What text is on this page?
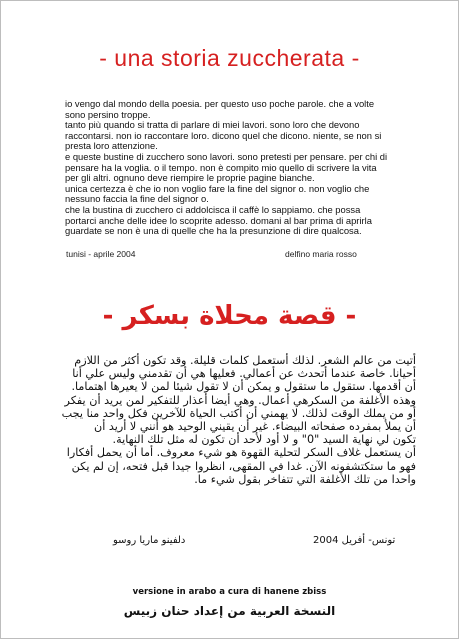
- una storia zuccherata -
io vengo dal mondo della poesia. per questo uso poche parole. che a volte
sono persino troppe.
tanto più quando si tratta di parlare di miei lavori. sono loro che devono
raccontarsi. non io raccontare loro. dicono quel che dicono. niente, se non si
presta loro attenzione.
e queste bustine di zucchero sono lavori. sono pretesti per pensare. per chi di
pensare ha la voglia. o il tempo. non è compito mio quello di scrivere la vita
per gli altri. ognuno deve riempire le proprie pagine bianche.
unica certezza è che io non voglio fare la fine del signor o. non voglio che
nessuno faccia la fine del signor o.
che la bustina di zucchero ci addolcisca il caffè lo sappiamo. che possa
portarci anche delle idee lo scoprite adesso. domani al bar prima di aprirla
guardate se non è una di quelle che ha la presunzione di dire qualcosa.
tunisi - aprile 2004	delfino maria rosso
- قصة محلاة بسكر -
أتيت من عالم الشعر. لذلك أستعمل كلمات قليلة. وقد تكون أكثر من اللازم
أحيانا. خاصة عندما أتحدث عن أعمالي. فعليها هي أن تقدمني وليس علي أنا
أن أقدمها. ستقول ما ستقول و يمكن أن لا تقول شيئا لمن لا يعيرها اهتماما.
وهذه الأغلفة من السكرهي أعمال. وهي أيضا أعذار للتفكير لمن يريد أن يفكر
أو من يملك الوقت لذلك. لا يهمني أن أكتب الحياة للآخرين فكل واحد منا يجب
أن يملأ بمفرده صفحاته البيضاء. غير أن يقيني الوحيد هو أنني لا أريد أن
تكون لي نهاية السيد "0" و لا أود لأحد أن تكون له مثل تلك النهاية.
أن يستعمل غلاف السكر لتحلية القهوة هو شيء معروف. أما أن يحمل أفكارا
فهو ما ستكتشفونه الآن. غدا في المقهى، انظروا جيدا قبل فتحه، إن لم يكن
واحدا من تلك الأغلفة التي تتفاخر بقول شيء ما.
تونس- أفريل 2004
دلفينو ماريا روسو
versione in arabo a cura di hanene zbiss
النسخة العربية من إعداد حنان زبيس
